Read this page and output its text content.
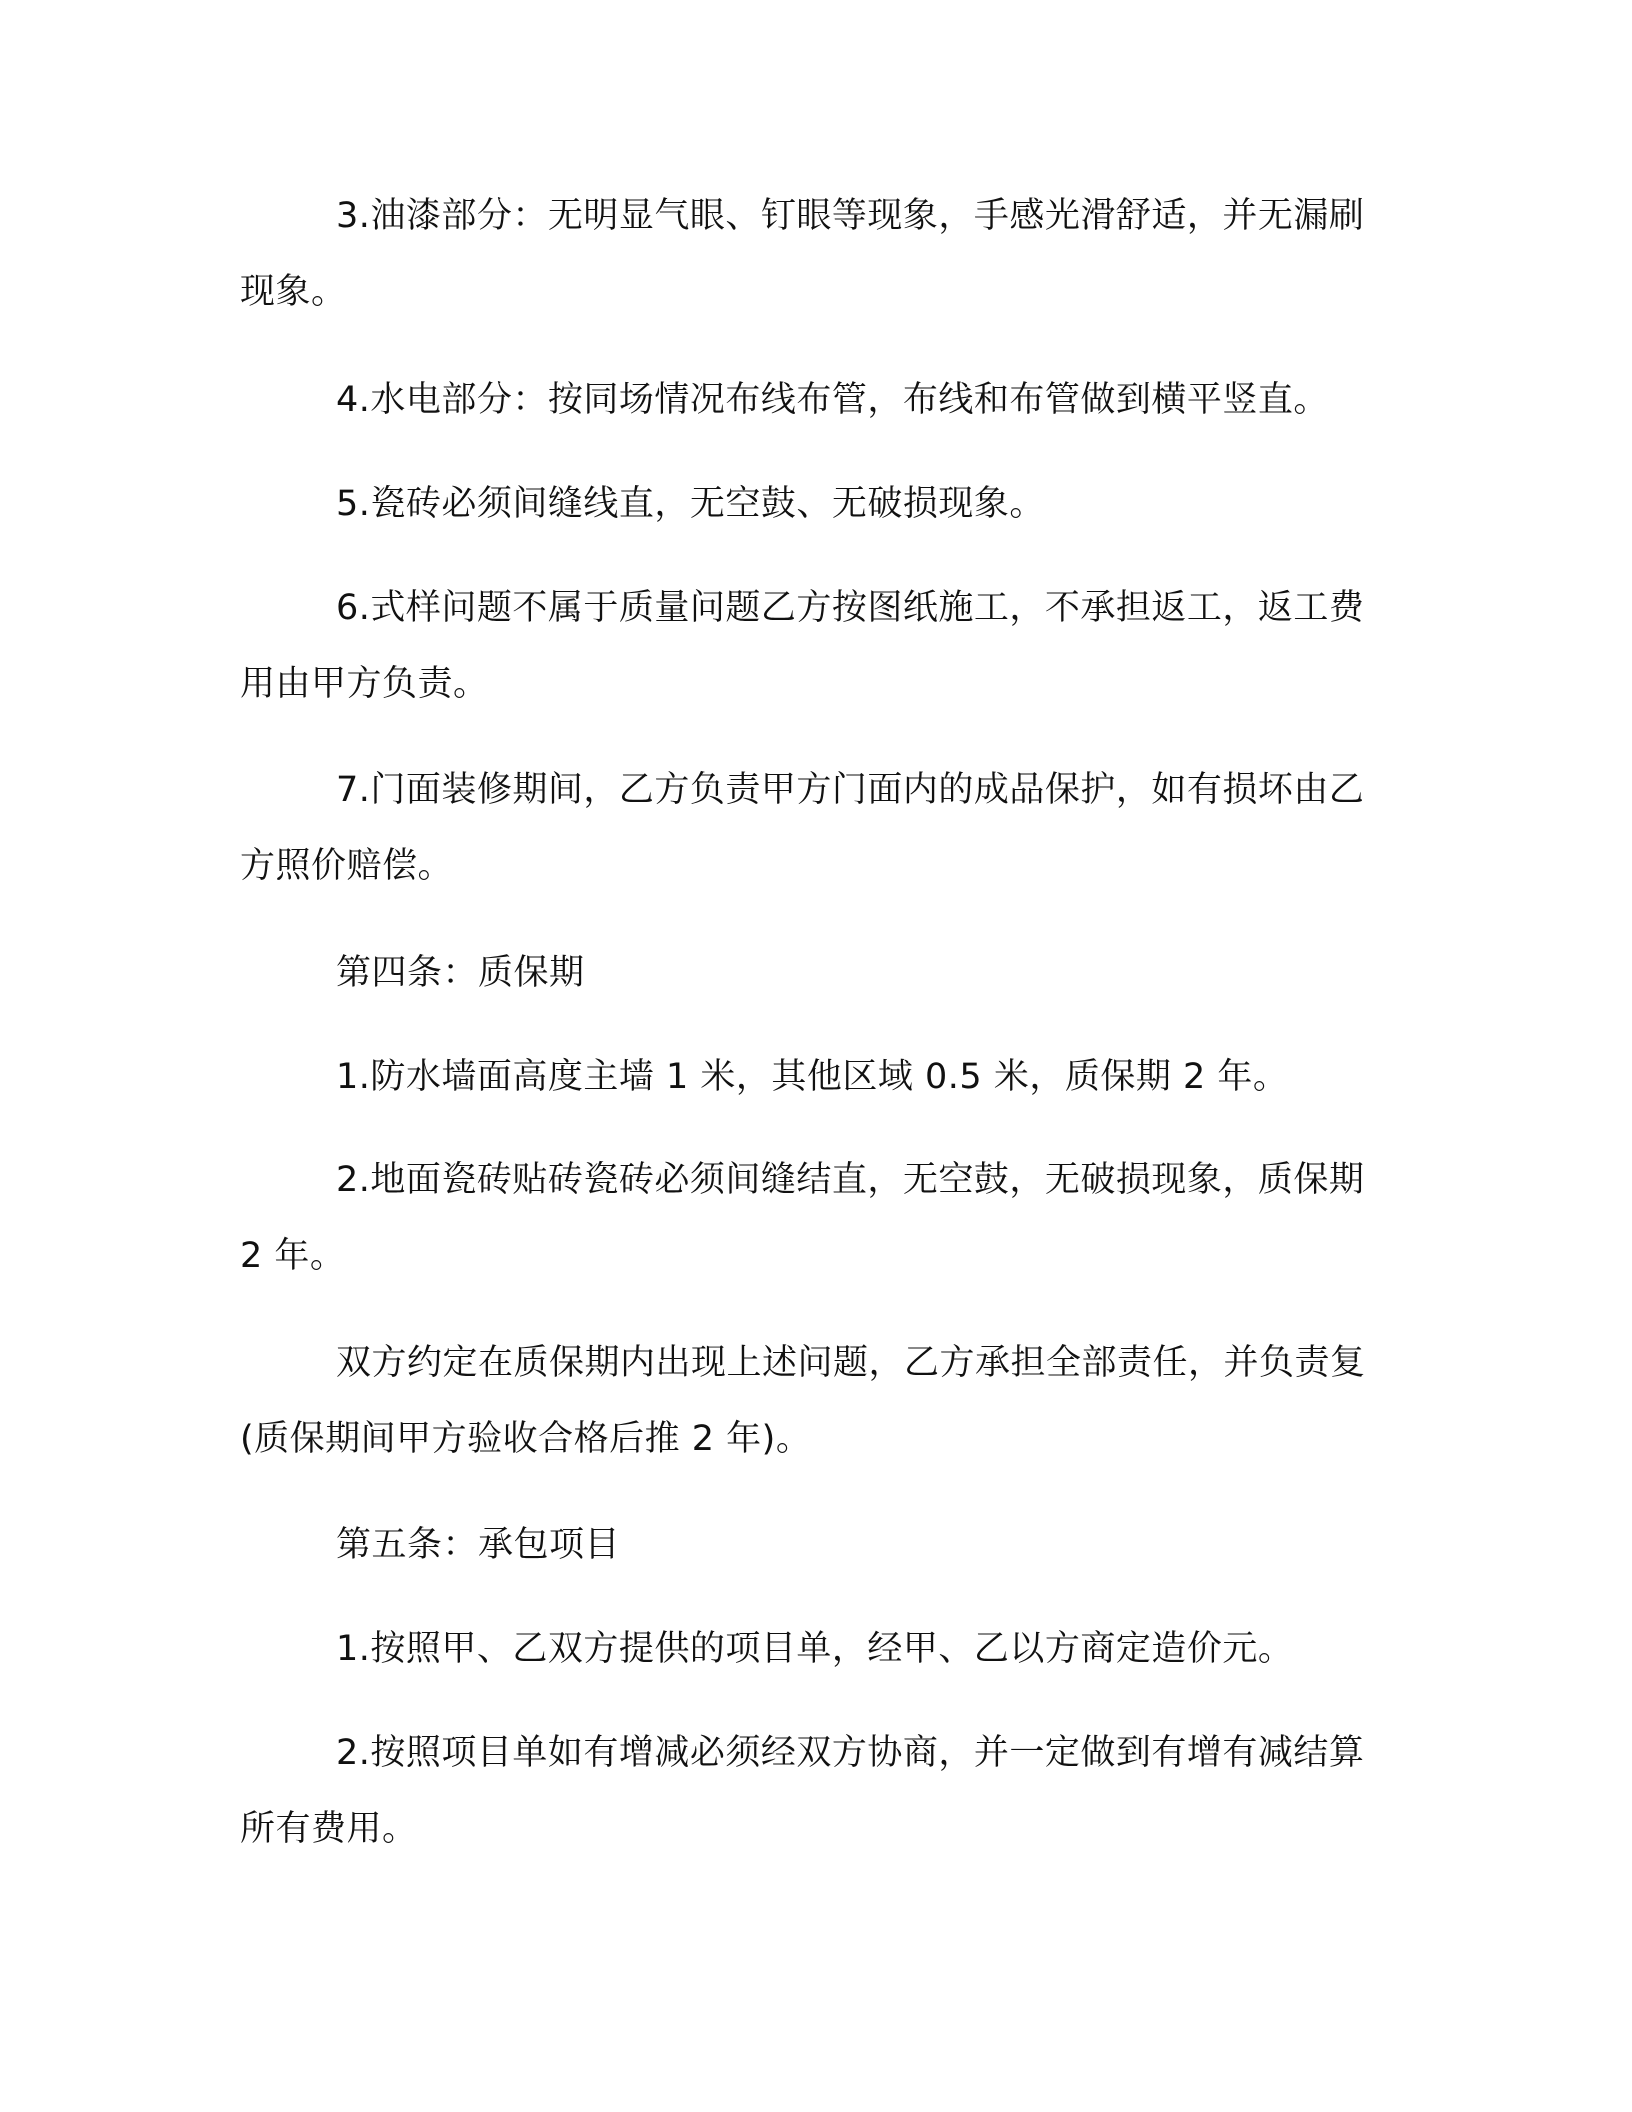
3.油漆部分：无明显气眼、钉眼等现象，手感光滑舒适，并无漏刷现象。

4.水电部分：按同场情况布线布管，布线和布管做到横平竖直。

5.瓷砖必须间缝线直，无空鼓、无破损现象。

6.式样问题不属于质量问题乙方按图纸施工，不承担返工，返工费用由甲方负责。

7.门面装修期间，乙方负责甲方门面内的成品保护，如有损坏由乙方照价赔偿。

第四条：质保期

1.防水墙面高度主墙 1 米，其他区域 0.5 米，质保期 2 年。

2.地面瓷砖贴砖瓷砖必须间缝结直，无空鼓，无破损现象，质保期 2 年。

双方约定在质保期内出现上述问题，乙方承担全部责任，并负责复(质保期间甲方验收合格后推 2 年)。

第五条：承包项目

1.按照甲、乙双方提供的项目单，经甲、乙以方商定造价元。

2.按照项目单如有增减必须经双方协商，并一定做到有增有减结算所有费用。
